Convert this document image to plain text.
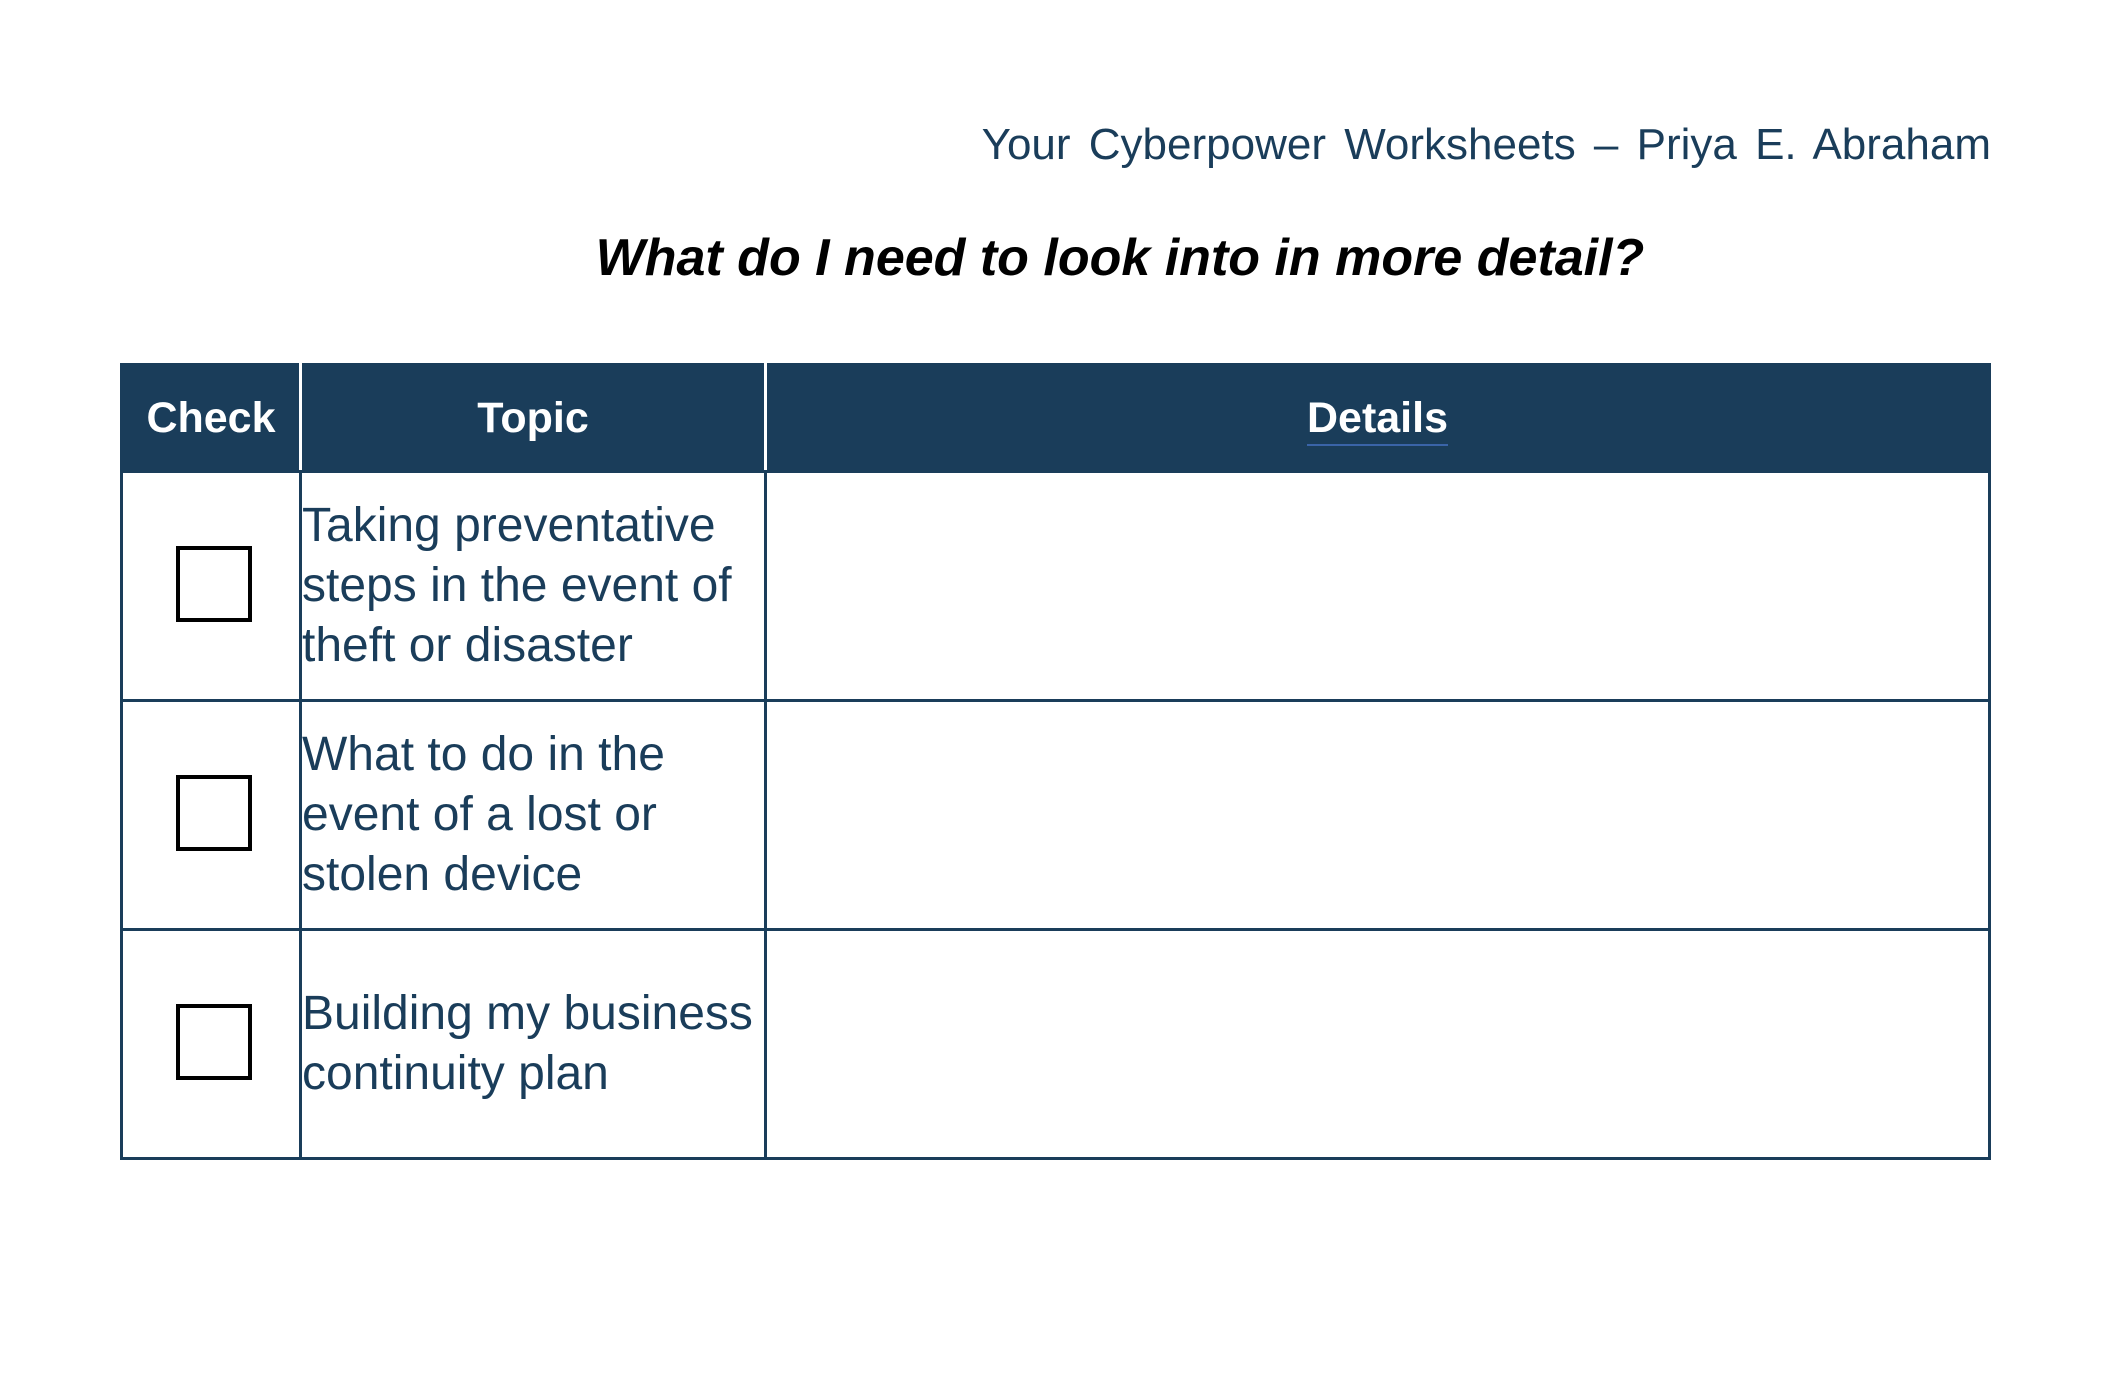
Your Cyberpower Worksheets – Priya E. Abraham
What do I need to look into in more detail?
Check	Topic	Details
	Taking preventative steps in the event of theft or disaster	
	What to do in the event of a lost or stolen device	
	Building my business continuity plan	
